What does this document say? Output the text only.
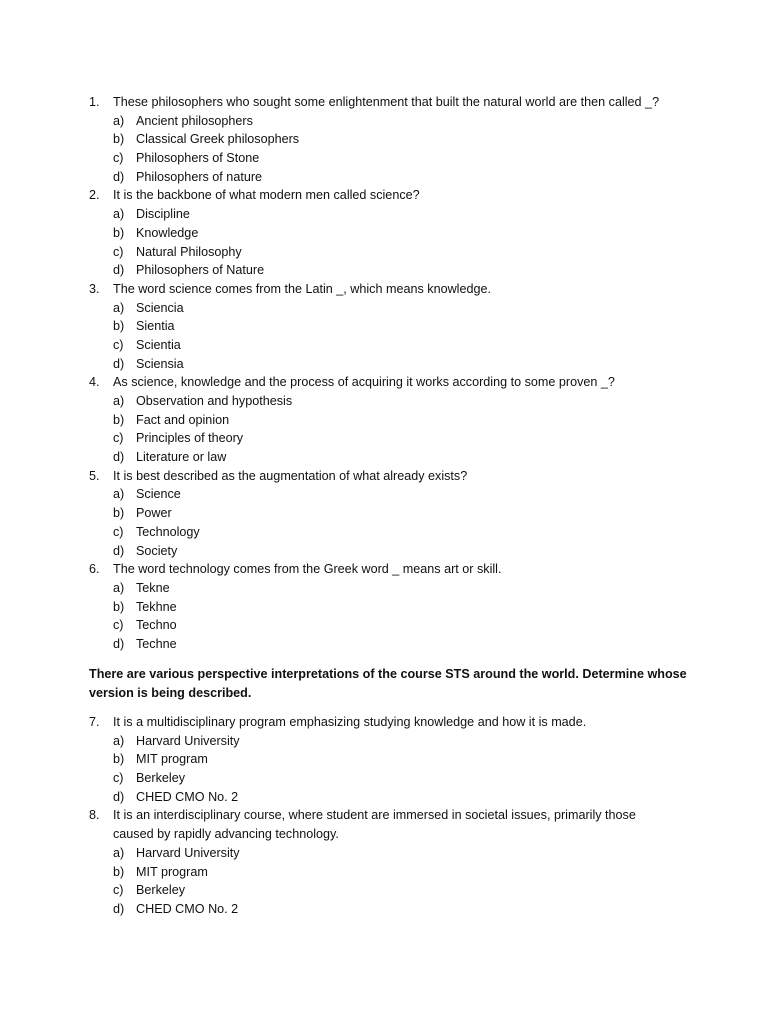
1. These philosophers who sought some enlightenment that built the natural world are then called _?
a) Ancient philosophers
b) Classical Greek philosophers
c) Philosophers of Stone
d) Philosophers of nature
2. It is the backbone of what modern men called science?
a) Discipline
b) Knowledge
c) Natural Philosophy
d) Philosophers of Nature
3. The word science comes from the Latin _, which means knowledge.
a) Sciencia
b) Sientia
c) Scientia
d) Sciensia
4. As science, knowledge and the process of acquiring it works according to some proven _?
a) Observation and hypothesis
b) Fact and opinion
c) Principles of theory
d) Literature or law
5. It is best described as the augmentation of what already exists?
a) Science
b) Power
c) Technology
d) Society
6. The word technology comes from the Greek word _ means art or skill.
a) Tekne
b) Tekhne
c) Techno
d) Techne
There are various perspective interpretations of the course STS around the world. Determine whose
version is being described.
7. It is a multidisciplinary program emphasizing studying knowledge and how it is made.
a) Harvard University
b) MIT program
c) Berkeley
d) CHED CMO No. 2
8. It is an interdisciplinary course, where student are immersed in societal issues, primarily those
caused by rapidly advancing technology.
a) Harvard University
b) MIT program
c) Berkeley
d) CHED CMO No. 2
